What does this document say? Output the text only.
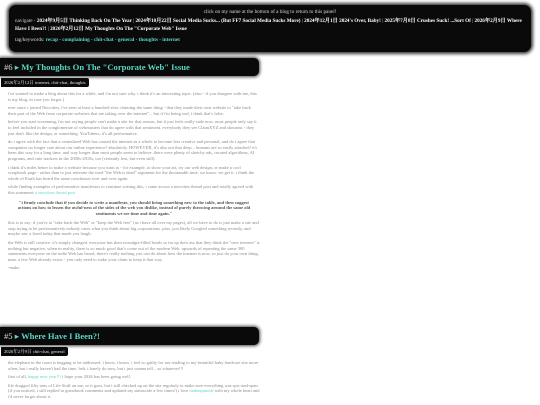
click on my name at the bottom of a blog to return to this panel!
navigate - 2024年9月5日 Thinking Back On The Year | 2024年10月22日 Social Media Sucks... (But FF7 Social Media Sucks More) | 2024年12月1日 2024's Over, Baby! | 2025年7月8日 Crushes Suck! ...Sort Of | 2026年2月9日 Where Have I Been?! | 2026年2月12日 My Thoughts On The "Corporate Web" Issue
tag/keywords: recap - complaining - chit-chat - general - thoughts - internet
#6 ▸ My Thoughts On The "Corporate Web" Issue
2026年2月12日 internet, chit-chat, thoughts

i've wanted to make a blog about this for a while, and i'm not sure why. i think it's an interesting topic. (also - if you disagree with me, this is my blog, in case you forgot.)

ever since i joined Neocities, i've seen at least a hundred sites claiming the same thing - that they made their own website to "take back their part of the Web from corporate websites that are taking over the internet"... but if i'm being real, i think that's false.

before you start screaming, i'm not saying people can't make a site for that reason, but it just feels really stale now. most people only say it to feel included in the conglomerate of webmasters that do agree with that sentiment. everybody they see ClaimXYZ and shoutout - they just don't like the design, or something. YouTubers, it's all performative.

do i agree with the fact that a centralized Web has caused the internet as a whole to become less creative and personal, and do i agree that companies no longer care about our online experience? absolutely. HOWEVER, it's also not that deep... humans are so easily attached! it's been this way for a long time, and way longer than most people seem to believe. there were plenty of sketchy ads, curated algorithms, AI programs, and cute trackers in the 2000s-2010s, too (certainly less, but even still).

i think it's miles better to make a website because you want to - for example, to show your art, try out web design, or make a cool scrapbook page - rather than to just reiterate the tired "the Web is dead" argument for the thousandth time. we know. we get it. i think the whole of Earth has heard the same conclusion over and over again.

while finding examples of performative manifestos to continue writing this, i came across a neocities thread post and totally agreed with this statement: a neocities thread post

"i firmly conclude that if you decide to write a manifesto, you should bring something new to the table, and then suggest actions on how to lessen the awful-ness of the sides of the web you dislike, instead of purely throwing around the same old sentiments we see time and time again."

this is to say: if you're to "take back the Web" or "keep the Web free" (as i have all over my pages), all we have to do is just make a site and stop trying to be performatively nobody cares what you think about big corporations. plus, you likely Googled something recently, and maybe saw a fixed today that made you laugh.

the Web is still creative. it's simply changed. everyone has their nostalgia-filled heads so far up their ass that they think the "new internet" is nothing but negative, when in reality, there is so much good that's come out of the modern Web. upwards of repeating the same 300 statements everyone on the indie Web has heard, there's really nothing you can do about how the internet is now, so just do your own thing, man. a few Web already exists - you only need to stake your claim to keep it that way.

-mako

#5 ▸ Where Have I Been?!
2026年2月9日 chit-chat, general

the elephant in the room is begging to be addressed. i know, i know. i feel so guilty for not tending to my beautiful baby hardcore site more often, but i really haven't had the time. heh. i barely do now, but i just wanna tell... so whatever!!!

first of all, happy new year!!! i hope your 2026 has been going well.

life dragged fifty tons of Life Stuff on me, so it goes, but i still checked up on the site regularly to make sure everything was spic-and-span. (if you noticed, i still replied to guestbook comments and updated my statuscafe a few times!) i love makeupmode with my whole heart and i'd never forget about it.
